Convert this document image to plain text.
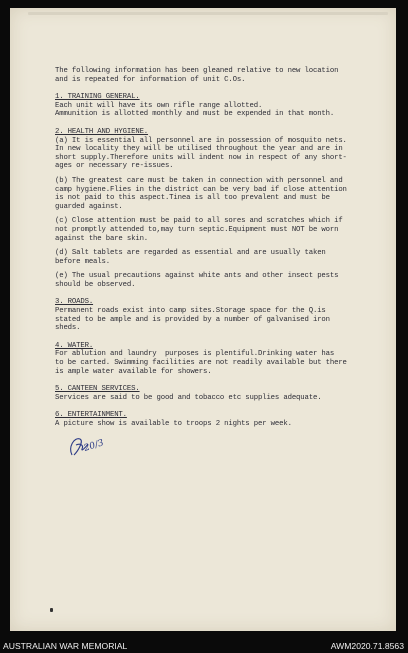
The following information has been gleaned relative to new location
and is repeated for information of unit C.Os.

1. TRAINING GENERAL.

Each unit will have its own rifle range allotted.
Ammunition is allotted monthly and must be expended in that month.

2. HEALTH AND HYGIENE.

(a) It is essential all personnel are in possession of mosquito nets.
In new locality they will be utilised throughout the year and are in
short supply.Therefore units will indent now in respect of any short-
ages or necessary re-issues.

(b) The greatest care must be taken in connection with personnel and
camp hygiene.Flies in the district can be very bad if close attention
is not paid to this aspect.Tinea is all too prevalent and must be
guarded against.

(c) Close attention must be paid to all sores and scratches which if
not promptly attended to,may turn septic.Equipment must NOT be worn
against the bare skin.

(d) Salt tablets are regarded as essential and are usually taken
before meals.

(e) The usual precautions against white ants and other insect pests
should be observed.

3. ROADS.

Permanent roads exist into camp sites.Storage space for the Q.is
stated to be ample and is provided by a number of galvanised iron
sheds.

4. WATER.

For ablution and laundry  purposes is plentiful.Drinking water has
to be carted. Swimming facilities are not readily available but there
is ample water available for showers.

5. CANTEEN SERVICES.

Services are said to be good and tobacco etc supplies adequate.

6. ENTERTAINMENT.

A picture show is available to troops 2 nights per week.

20/3
AUSTRALIAN WAR MEMORIAL	AWM2020.71.8563
